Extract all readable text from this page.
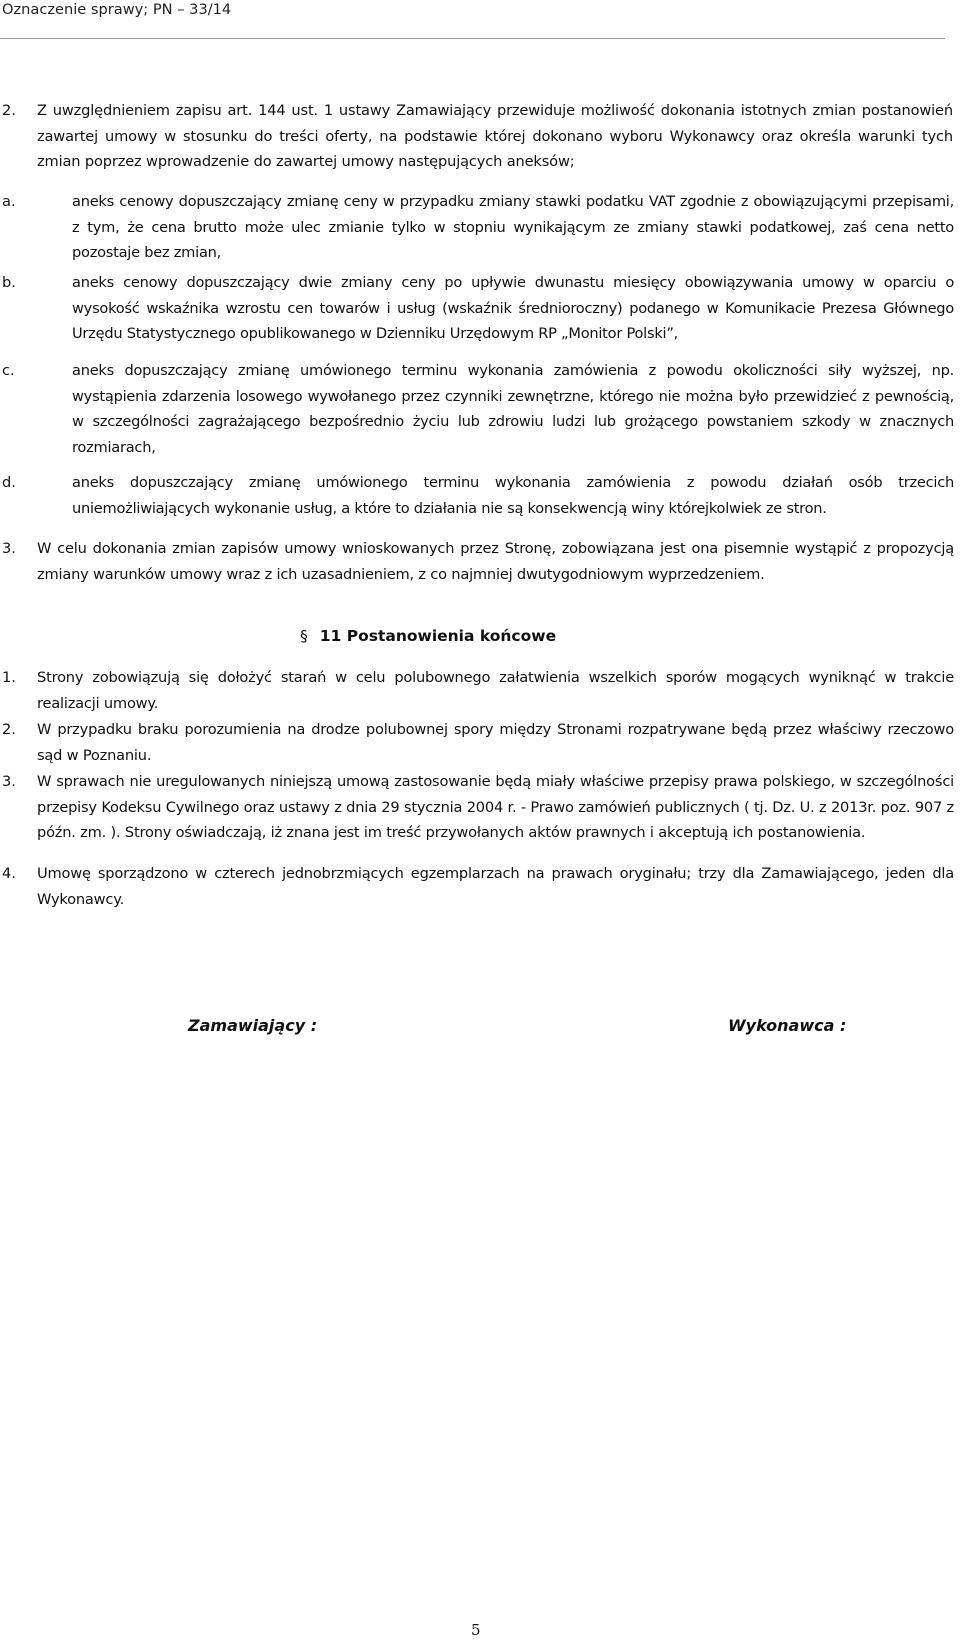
Oznaczenie sprawy; PN – 33/14
2. Z uwzględnieniem zapisu art. 144 ust. 1 ustawy Zamawiający przewiduje możliwość dokonania istotnych zmian postanowień zawartej umowy w stosunku do treści oferty, na podstawie której dokonano wyboru Wykonawcy oraz określa warunki tych zmian poprzez wprowadzenie do zawartej umowy następujących aneksów;
a.	aneks cenowy dopuszczający zmianę ceny w przypadku zmiany stawki podatku VAT zgodnie z obowiązującymi przepisami, z tym, że cena brutto może ulec zmianie tylko w stopniu wynikającym ze zmiany stawki podatkowej, zaś cena netto pozostaje bez zmian,
b.	aneks cenowy dopuszczający dwie zmiany ceny po upływie dwunastu miesięcy obowiązywania umowy w oparciu o wysokość wskaźnika wzrostu cen towarów i usług (wskaźnik średnioroczny) podanego w Komunikacie Prezesa Głównego Urzędu Statystycznego opublikowanego w Dzienniku Urzędowym RP „Monitor Polski”,
c.	aneks dopuszczający zmianę umówionego terminu wykonania zamówienia z powodu okoliczności siły wyższej, np. wystąpienia zdarzenia losowego wywołanego przez czynniki zewnętrzne, którego nie można było przewidzieć z pewnością, w szczególności zagrażającego bezpośrednio życiu lub zdrowiu ludzi lub grożącego powstaniem szkody w znacznych rozmiarach,
d.	aneks dopuszczający zmianę umówionego terminu wykonania zamówienia z powodu działań osób trzecich uniemożliwiających wykonanie usług, a które to działania nie są konsekwencją winy którejkolwiek ze stron.
3. W celu dokonania zmian zapisów umowy wnioskowanych przez Stronę, zobowiązana jest ona pisemnie wystąpić z propozycją zmiany warunków umowy wraz z ich uzasadnieniem, z co najmniej dwutygodniowym wyprzedzeniem.
§ 11 Postanowienia końcowe
1. Strony zobowiązują się dołożyć starań w celu polubownego załatwienia wszelkich sporów mogących wyniknąć w trakcie realizacji umowy.
2. W przypadku braku porozumienia na drodze polubownej spory między Stronami rozpatrywane będą przez właściwy rzeczowo sąd w Poznaniu.
3. W sprawach nie uregulowanych niniejszą umową zastosowanie będą miały właściwe przepisy prawa polskiego, w szczególności przepisy Kodeksu Cywilnego oraz ustawy z dnia 29 stycznia 2004 r. - Prawo zamówień publicznych ( tj. Dz. U. z 2013r. poz. 907 z późn. zm. ). Strony oświadczają, iż znana jest im treść przywołanych aktów prawnych i akceptują ich postanowienia.
4. Umowę sporządzono w czterech jednobrzmiących egzemplarzach na prawach oryginału; trzy dla Zamawiającego, jeden dla Wykonawcy.
Zamawiający :	Wykonawca :
5
